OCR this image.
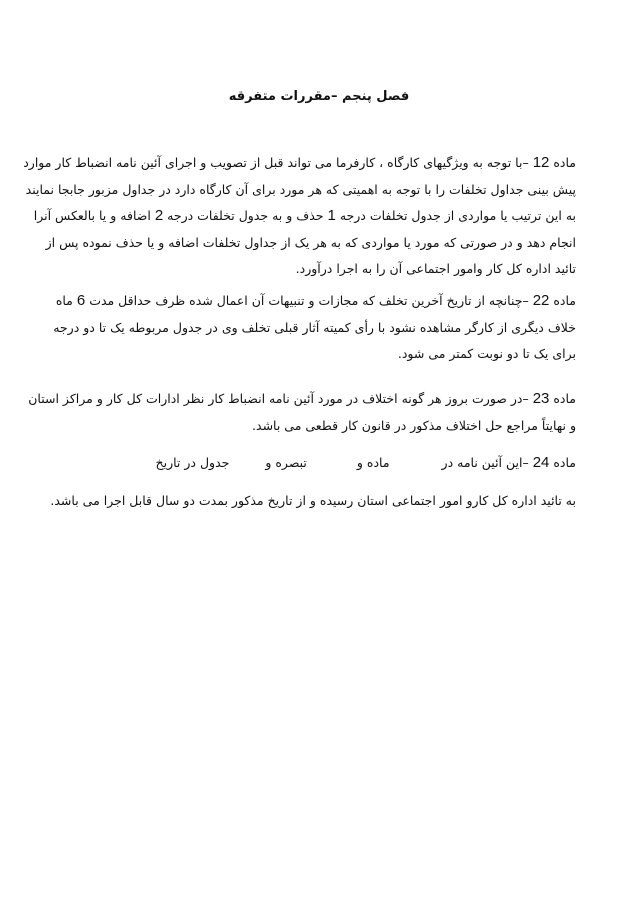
فصل پنجم –مقررات متفرقه
ماده 12 –با توجه به ویژگیهای کارگاه ، کارفرما می تواند قبل از تصویب و اجرای آئین نامه انضباط کار موارد
پیش بینی جداول تخلفات را با توجه به اهمیتی که هر مورد برای آن کارگاه دارد در جداول مزبور جابجا نمایند
به این ترتیب یا مواردی از جدول تخلفات درجه 1 حذف و به جدول تخلفات درجه 2 اضافه و یا بالعکس آنرا
انجام دهد و در صورتی که مورد یا مواردی که به هر یک از جداول تخلفات اضافه و یا حذف نموده پس از
تائید اداره کل کار وامور اجتماعی آن را به اجرا درآورد.
ماده 22 –چنانچه از تاریخ آخرین تخلف که مجازات و تنبیهات آن اعمال شده ظرف حداقل مدت 6 ماه
خلاف دیگری از کارگر مشاهده نشود با رأی کمیته آثار قبلی تخلف وی در جدول مربوطه یک تا دو درجه
برای یک تا دو نوبت کمتر می شود.
ماده 23 –در صورت بروز هر گونه اختلاف در مورد آئین نامه انضباط کار نظر ادارات کل کار و مراکز استان
و نهایتاً مراجع حل اختلاف مذکور در قانون کار قطعی می باشد.
ماده 24 –این آئین نامه درماده وتبصره وجدول در تاریخ
به تائید اداره کل کارو امور اجتماعی استان رسیده و از تاریخ مذکور بمدت دو سال قابل اجرا می باشد.
